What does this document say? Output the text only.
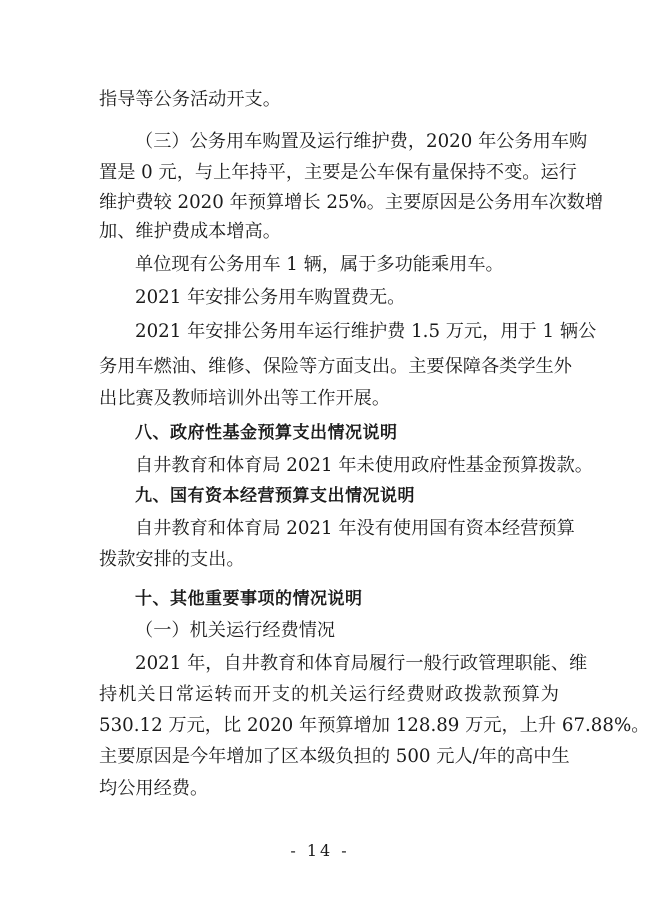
指导等公务活动开支。
（三）公务用车购置及运行维护费，2020 年公务用车购
置是 0 元，与上年持平，主要是公车保有量保持不变。运行
维护费较 2020 年预算增长 25%。主要原因是公务用车次数增
加、维护费成本增高。
单位现有公务用车 1 辆，属于多功能乘用车。
2021 年安排公务用车购置费无。
2021 年安排公务用车运行维护费 1.5 万元，用于 1 辆公
务用车燃油、维修、保险等方面支出。主要保障各类学生外
出比赛及教师培训外出等工作开展。
八、政府性基金预算支出情况说明
自井教育和体育局 2021 年未使用政府性基金预算拨款。
九、国有资本经营预算支出情况说明
自井教育和体育局 2021 年没有使用国有资本经营预算
拨款安排的支出。
十、其他重要事项的情况说明
（一）机关运行经费情况
2021 年，自井教育和体育局履行一般行政管理职能、维
持机关日常运转而开支的机关运行经费财政拨款预算为
530.12 万元，比 2020 年预算增加 128.89 万元，上升 67.88%。
主要原因是今年增加了区本级负担的 500 元人/年的高中生
均公用经费。
- 14 -
